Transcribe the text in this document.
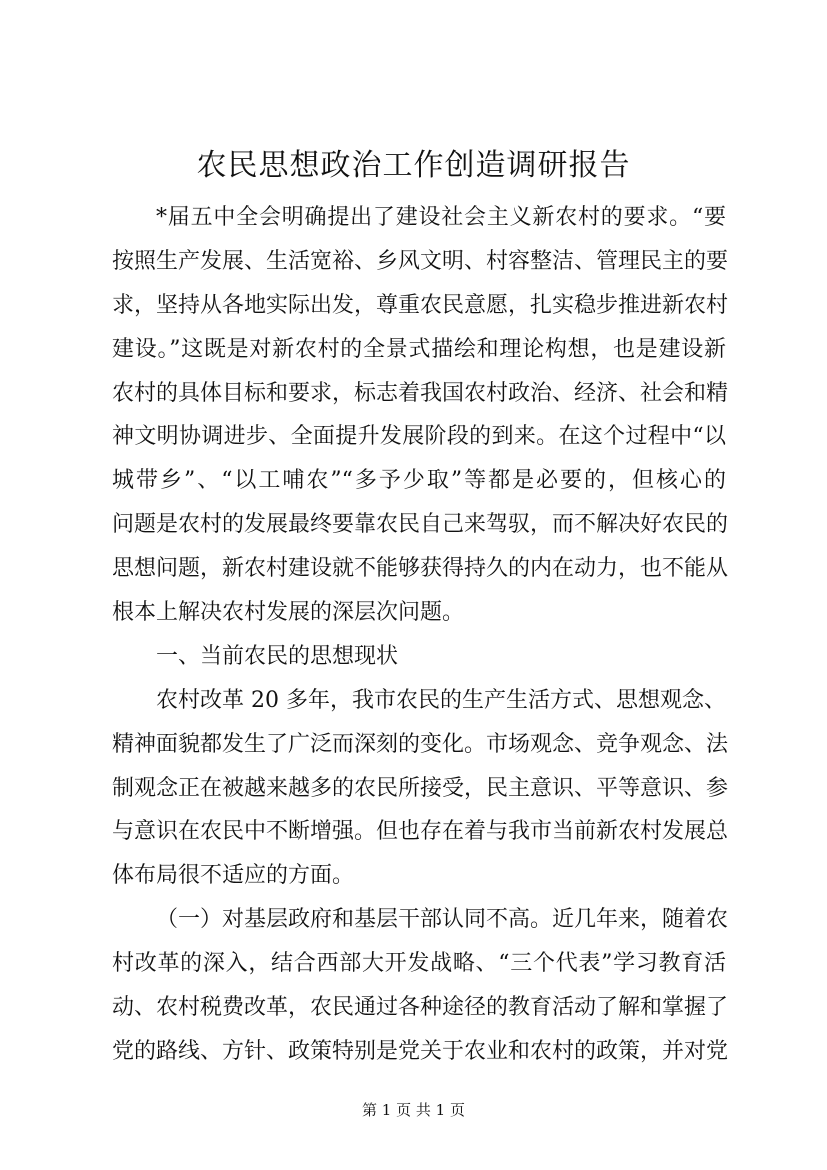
农民思想政治工作创造调研报告
*届五中全会明确提出了建设社会主义新农村的要求。“要
按照生产发展、生活宽裕、乡风文明、村容整洁、管理民主的要
求，坚持从各地实际出发，尊重农民意愿，扎实稳步推进新农村
建设。”这既是对新农村的全景式描绘和理论构想，也是建设新
农村的具体目标和要求，标志着我国农村政治、经济、社会和精
神文明协调进步、全面提升发展阶段的到来。在这个过程中“以
城带乡”、“以工哺农”“多予少取”等都是必要的，但核心的
问题是农村的发展最终要靠农民自己来驾驭，而不解决好农民的
思想问题，新农村建设就不能够获得持久的内在动力，也不能从
根本上解决农村发展的深层次问题。
一、当前农民的思想现状
农村改革 20 多年，我市农民的生产生活方式、思想观念、
精神面貌都发生了广泛而深刻的变化。市场观念、竞争观念、法
制观念正在被越来越多的农民所接受，民主意识、平等意识、参
与意识在农民中不断增强。但也存在着与我市当前新农村发展总
体布局很不适应的方面。
（一）对基层政府和基层干部认同不高。近几年来，随着农
村改革的深入，结合西部大开发战略、“三个代表”学习教育活
动、农村税费改革，农民通过各种途径的教育活动了解和掌握了
党的路线、方针、政策特别是党关于农业和农村的政策，并对党
第 1 页 共 1 页
